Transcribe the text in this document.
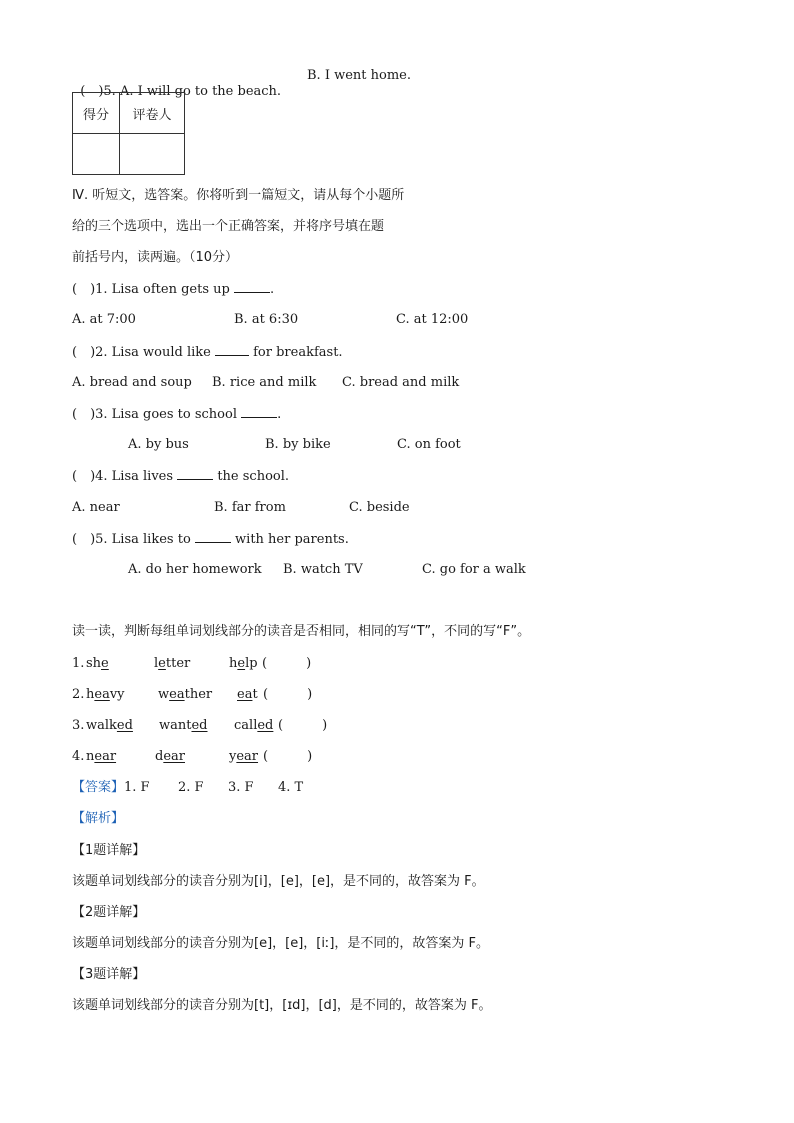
(　)5. A. I will go to the beach.

B. I went home.
得分	评卷人

Ⅳ. 听短文，选答案。你将听到一篇短文，请从每个小题所
给的三个选项中，选出一个正确答案，并将序号填在题
前括号内，读两遍。（10分）
(　)1. Lisa often gets up	.
A. at 7:00	B. at 6:30	C. at 12:00
(　)2. Lisa would like	for breakfast.
A. bread and soup B. rice and milk C. bread and milk
(　)3. Lisa goes to school	.
A. by bus	B. by bike	C. on foot
(　)4. Lisa lives	the school.
A. near	B. far from	C. beside
(　)5. Lisa likes to	with her parents.
A. do her homework B. watch TV	C. go for a walk
读一读，判断每组单词划线部分的读音是否相同，相同的写“T”，不同的写“F”。
1. she	letter	help (　　　)
2. heavy	weather eat (　　　)
3. walked wanted called (　　　)
4. near	dear	year (　　　)
【答案】1. F 2. F 3. F 4. T
【解析】
【1题详解】
该题单词划线部分的读音分别为[i]，[e]，[e]，是不同的，故答案为 F。
【2题详解】
该题单词划线部分的读音分别为[e]，[e]，[iː]，是不同的，故答案为 F。
【3题详解】
该题单词划线部分的读音分别为[t]，[ɪd]，[d]，是不同的，故答案为 F。
